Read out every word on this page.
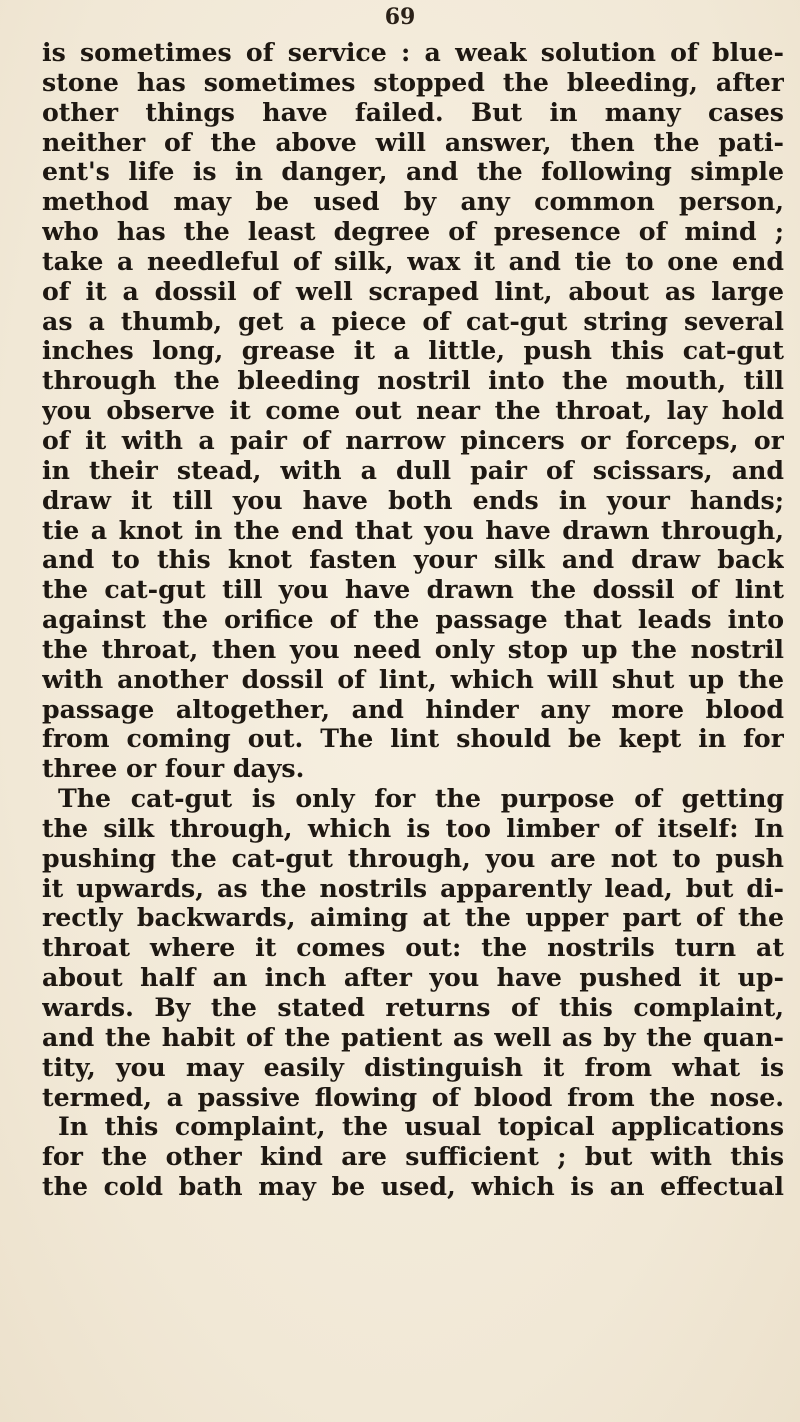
69
is sometimes of service : a weak solution of blue-
stone has sometimes stopped the bleeding, after
other things have failed. But in many cases
neither of the above will answer, then the pati-
ent's life is in danger, and the following simple
method may be used by any common person,
who has the least degree of presence of mind ;
take a needleful of silk, wax it and tie to one end
of it a dossil of well scraped lint, about as large
as a thumb, get a piece of cat-gut string several
inches long, grease it a little, push this cat-gut
through the bleeding nostril into the mouth, till
you observe it come out near the throat, lay hold
of it with a pair of narrow pincers or forceps, or
in their stead, with a dull pair of scissars, and
draw it till you have both ends in your hands;
tie a knot in the end that you have drawn through,
and to this knot fasten your silk and draw back
the cat-gut till you have drawn the dossil of lint
against the orifice of the passage that leads into
the throat, then you need only stop up the nostril
with another dossil of lint, which will shut up the
passage altogether, and hinder any more blood
from coming out. The lint should be kept in for
three or four days.
The cat-gut is only for the purpose of getting
the silk through, which is too limber of itself: In
pushing the cat-gut through, you are not to push
it upwards, as the nostrils apparently lead, but di-
rectly backwards, aiming at the upper part of the
throat where it comes out: the nostrils turn at
about half an inch after you have pushed it up-
wards. By the stated returns of this complaint,
and the habit of the patient as well as by the quan-
tity, you may easily distinguish it from what is
termed, a passive flowing of blood from the nose.
In this complaint, the usual topical applications
for the other kind are sufficient ; but with this
the cold bath may be used, which is an effectual
